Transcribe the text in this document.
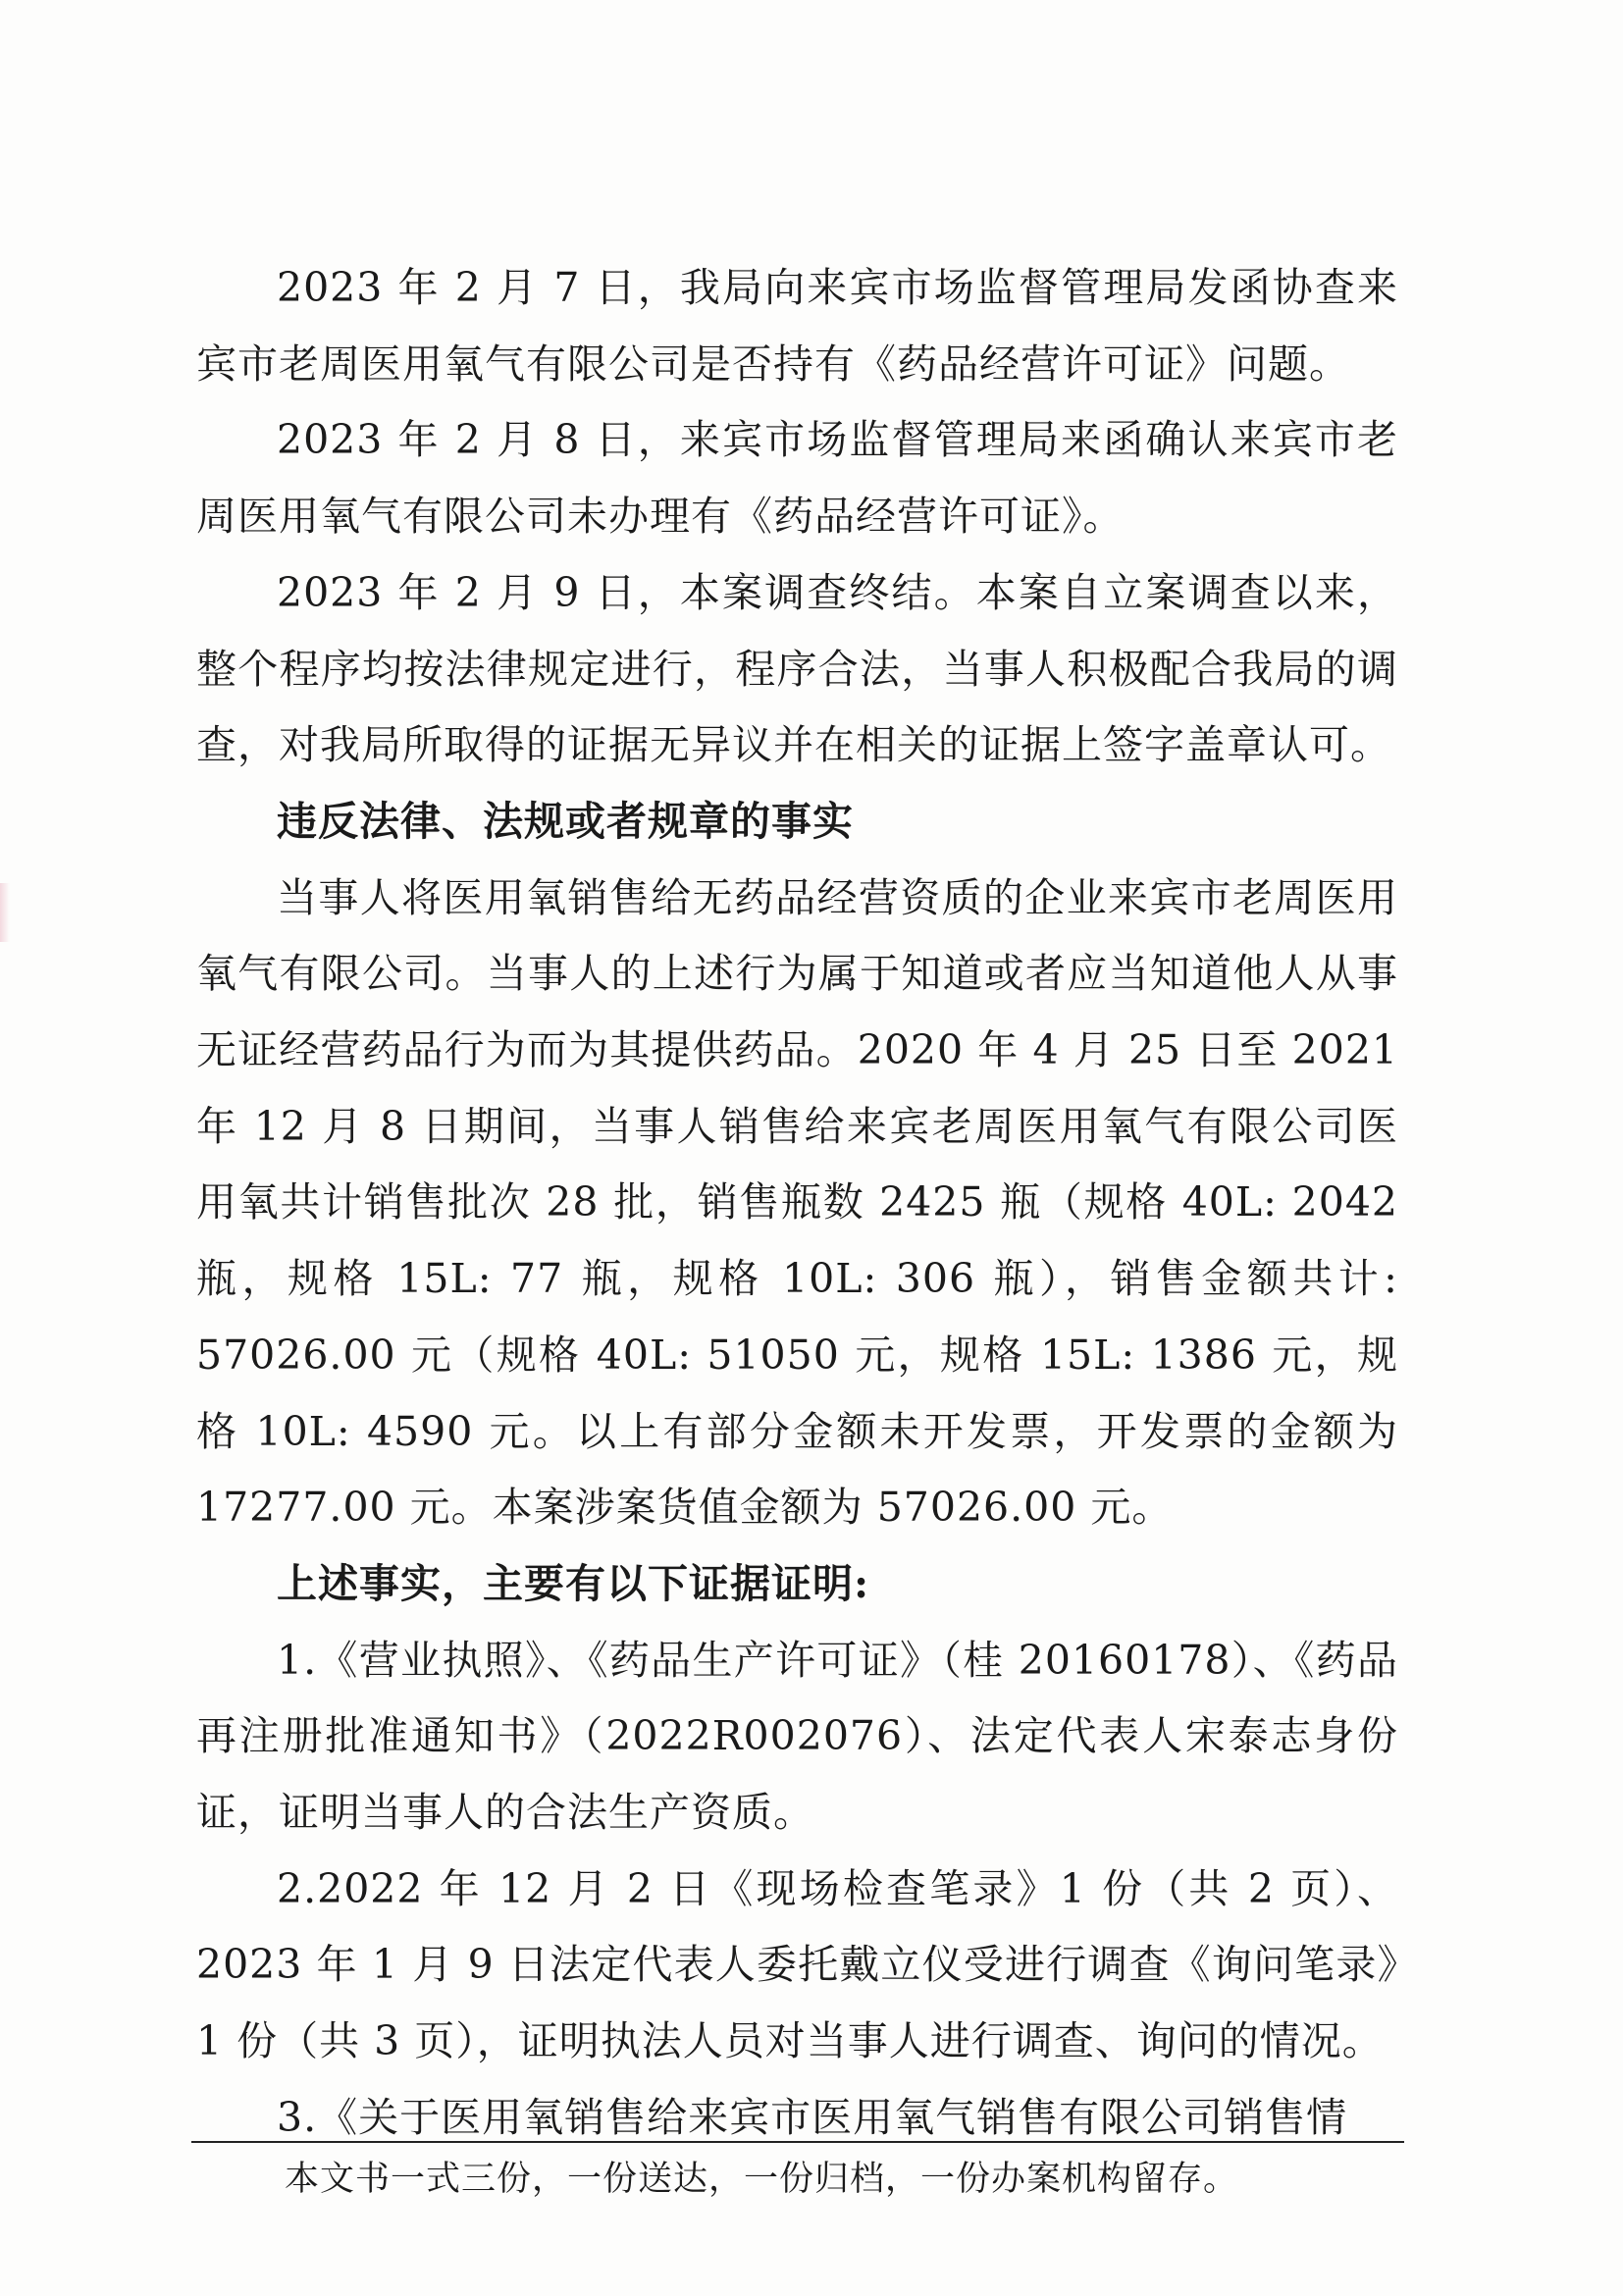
2023 年 2 月 7 日，我局向来宾市场监督管理局发函协查来宾市老周医用氧气有限公司是否持有《药品经营许可证》问题。

2023 年 2 月 8 日，来宾市场监督管理局来函确认来宾市老周医用氧气有限公司未办理有《药品经营许可证》。

2023 年 2 月 9 日，本案调查终结。本案自立案调查以来，整个程序均按法律规定进行，程序合法，当事人积极配合我局的调查，对我局所取得的证据无异议并在相关的证据上签字盖章认可。

违反法律、法规或者规章的事实

当事人将医用氧销售给无药品经营资质的企业来宾市老周医用氧气有限公司。当事人的上述行为属于知道或者应当知道他人从事无证经营药品行为而为其提供药品。2020 年 4 月 25 日至 2021 年 12 月 8 日期间，当事人销售给来宾老周医用氧气有限公司医用氧共计销售批次 28 批，销售瓶数 2425 瓶（规格 40L: 2042 瓶，规格 15L: 77 瓶，规格 10L: 306 瓶），销售金额共计: 57026.00 元（规格 40L: 51050 元，规格 15L: 1386 元，规格 10L: 4590 元。以上有部分金额未开发票，开发票的金额为 17277.00 元。本案涉案货值金额为 57026.00 元。

上述事实，主要有以下证据证明:

1.《营业执照》、《药品生产许可证》（桂 20160178）、《药品再注册批准通知书》（2022R002076）、法定代表人宋泰志身份证，证明当事人的合法生产资质。

2.2022 年 12 月 2 日《现场检查笔录》1 份（共 2 页）、2023 年 1 月 9 日法定代表人委托戴立仪受进行调查《询问笔录》1 份（共 3 页），证明执法人员对当事人进行调查、询问的情况。

3.《关于医用氧销售给来宾市医用氧气销售有限公司销售情

本文书一式三份，一份送达，一份归档，一份办案机构留存。
